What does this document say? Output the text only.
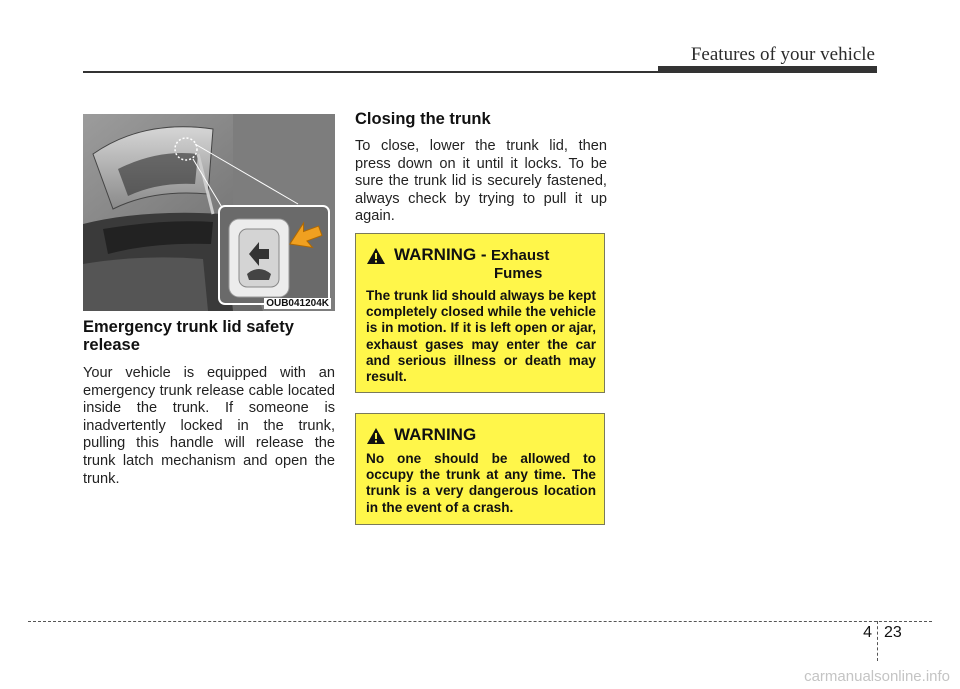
Features of your vehicle
OUB041204K
Emergency trunk lid safety release

Your vehicle is equipped with an emergency trunk release cable located inside the trunk. If someone is inadvertently locked in the trunk, pulling this handle will release the trunk latch mechanism and open the trunk.

Closing the trunk

To close, lower the trunk lid, then press down on it until it locks. To be sure the trunk lid is securely fastened, always check by trying to pull it up again.

WARNING - Exhaust
Fumes
The trunk lid should always be kept completely closed while the vehicle is in motion. If it is left open or ajar, exhaust gases may enter the car and serious illness or death may result.
WARNING
No one should be allowed to occupy the trunk at any time. The trunk is a very dangerous location in the event of a crash.
4 23
carmanualsonline.info
